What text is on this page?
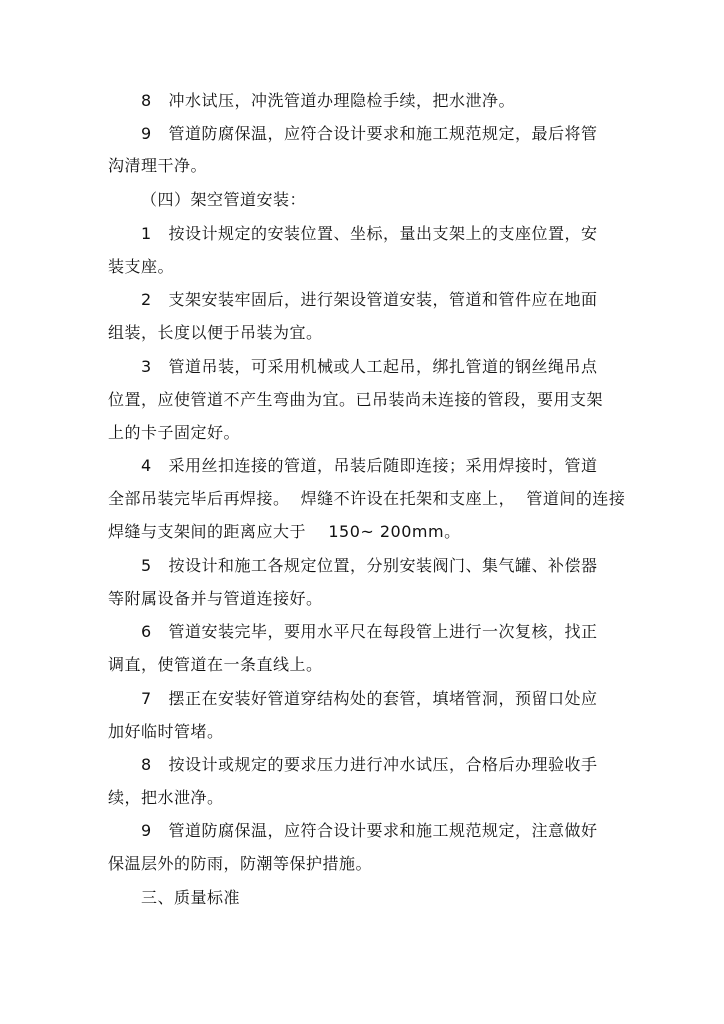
8   冲水试压，冲洗管道办理隐检手续，把水泄净。
9   管道防腐保温，应符合设计要求和施工规范规定，最后将管
沟清理干净。
（四）架空管道安装：
1   按设计规定的安装位置、坐标，量出支架上的支座位置，安
装支座。
2   支架安装牢固后，进行架设管道安装，管道和管件应在地面
组装，长度以便于吊装为宜。
3   管道吊装，可采用机械或人工起吊，绑扎管道的钢丝绳吊点
位置，应使管道不产生弯曲为宜。已吊装尚未连接的管段，要用支架
上的卡子固定好。
4   采用丝扣连接的管道，吊装后随即连接；采用焊接时，管道
全部吊装完毕后再焊接。  焊缝不许设在托架和支座上，  管道间的连接
焊缝与支架间的距离应大于    150~ 200mm。
5   按设计和施工各规定位置，分别安装阀门、集气罐、补偿器
等附属设备并与管道连接好。
6   管道安装完毕，要用水平尺在每段管上进行一次复核，找正
调直，使管道在一条直线上。
7   摆正在安装好管道穿结构处的套管，填堵管洞，预留口处应
加好临时管堵。
8   按设计或规定的要求压力进行冲水试压，合格后办理验收手
续，把水泄净。
9   管道防腐保温，应符合设计要求和施工规范规定，注意做好
保温层外的防雨，防潮等保护措施。
三、质量标准
